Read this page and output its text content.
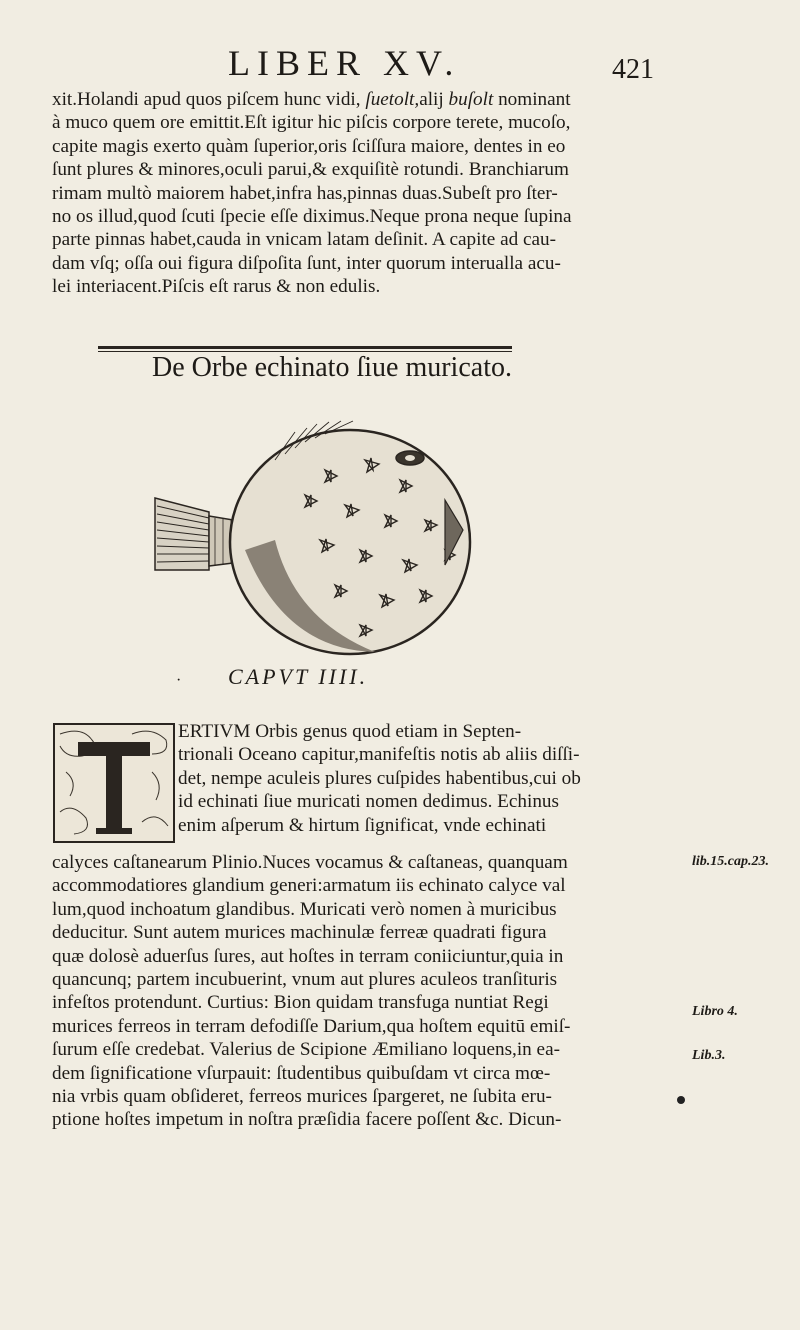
LIBER XV.	421
xit.Holandi apud quos piſcem hunc vidi, ſuetolt,alij buſolt nominant
à muco quem ore emittit.Eſt igitur hic piſcis corpore terete, mucoſo,
capite magis exerto quàm ſuperior,oris ſciſſura maiore, dentes in eo
ſunt plures & minores,oculi parui,& exquiſitè rotundi. Branchiarum
rimam multò maiorem habet,infra has,pinnas duas.Subeſt pro ſter-
no os illud,quod ſcuti ſpecie eſſe diximus.Neque prona neque ſupina
parte pinnas habet,cauda in vnicam latam deſinit. A capite ad cau-
dam vſq; oſſa oui figura diſpoſita ſunt, inter quorum interualla acu-
lei interiacent.Piſcis eſt rarus & non edulis.
De Orbe echinato ſiue muricato.
· CAPVT IIII.
ERTIVM Orbis genus quod etiam in Septen-
trionali Oceano capitur,manifeſtis notis ab aliis diſſi-
det, nempe aculeis plures cuſpides habentibus,cui ob
id echinati ſiue muricati nomen dedimus. Echinus
enim aſperum & hirtum ſignificat, vnde echinati
calyces caſtanearum Plinio.Nuces vocamus & caſtaneas, quanquam
accommodatiores glandium generi:armatum iis echinato calyce val
lum,quod inchoatum glandibus. Muricati verò nomen à muricibus
deducitur. Sunt autem murices machinulæ ferreæ quadrati figura
quæ dolosè aduerſus ſures, aut hoſtes in terram coniiciuntur,quia in
quancunq; partem incubuerint, vnum aut plures aculeos tranſituris
infeſtos protendunt. Curtius: Bion quidam transfuga nuntiat Regi
murices ferreos in terram defodiſſe Darium,qua hoſtem equitū emiſ-
ſurum eſſe credebat. Valerius de Scipione Æmiliano loquens,in ea-
dem ſignificatione vſurpauit: ſtudentibus quibuſdam vt circa mœ-
nia vrbis quam obſideret, ferreos murices ſpargeret, ne ſubita eru-
ptione hoſtes impetum in noſtra præſidia facere poſſent &c. Dicun-
lib.15.cap.23.
Libro 4.
Lib.3.
